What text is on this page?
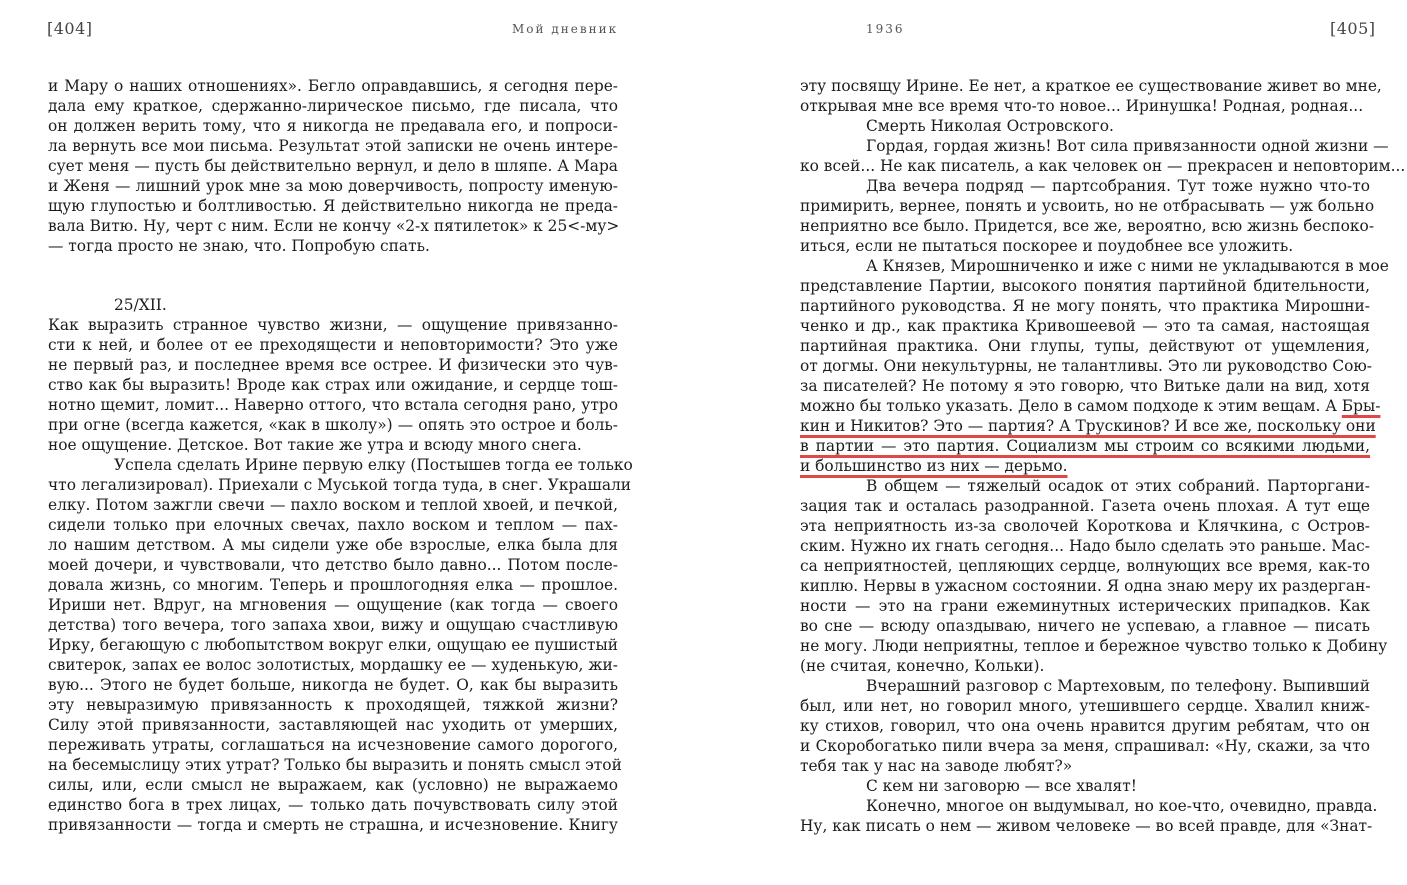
[404]	Мой дневник
и Мару о наших отношениях». Бегло оправдавшись, я сегодня пере-
дала ему краткое, сдержанно-лирическое письмо, где писала, что
он должен верить тому, что я никогда не предавала его, и попроси-
ла вернуть все мои письма. Результат этой записки не очень интере-
сует меня — пусть бы действительно вернул, и дело в шляпе. А Мара
и Женя — лишний урок мне за мою доверчивость, попросту именую-
щую глупостью и болтливостью. Я действительно никогда не преда-
вала Витю. Ну, черт с ним. Если не кончу «2-х пятилеток» к 25<-му>
— тогда просто не знаю, что. Попробую спать.
25/XII.
Как выразить странное чувство жизни, — ощущение привязанно-
сти к ней, и более от ее преходящести и неповторимости? Это уже
не первый раз, и последнее время все острее. И физически это чув-
ство как бы выразить! Вроде как страх или ожидание, и сердце тош-
нотно щемит, ломит... Наверно оттого, что встала сегодня рано, утро
при огне (всегда кажется, «как в школу») — опять это острое и боль-
ное ощущение. Детское. Вот такие же утра и всюду много снега.
Успела сделать Ирине первую елку (Постышев тогда ее только
что легализировал). Приехали с Муськой тогда туда, в снег. Украшали
елку. Потом зажгли свечи — пахло воском и теплой хвоей, и печкой,
сидели только при елочных свечах, пахло воском и теплом — пах-
ло нашим детством. А мы сидели уже обе взрослые, елка была для
моей дочери, и чувствовали, что детство было давно... Потом после-
довала жизнь, со многим. Теперь и прошлогодняя елка — прошлое.
Ириши нет. Вдруг, на мгновения — ощущение (как тогда — своего
детства) того вечера, того запаха хвои, вижу и ощущаю счастливую
Ирку, бегающую с любопытством вокруг елки, ощущаю ее пушистый
свитерок, запах ее волос золотистых, мордашку ее — худенькую, жи-
вую... Этого не будет больше, никогда не будет. О, как бы выразить
эту невыразимую привязанность к проходящей, тяжкой жизни?
Силу этой привязанности, заставляющей нас уходить от умерших,
переживать утраты, соглашаться на исчезновение самого дорогого,
на бесемыслицу этих утрат? Только бы выразить и понять смысл этой
силы, или, если смысл не выражаем, как (условно) не выражаемо
единство бога в трех лицах, — только дать почувствовать силу этой
привязанности — тогда и смерть не страшна, и исчезновение. Книгу
1936	[405]
эту посвящу Ирине. Ее нет, а краткое ее существование живет во мне,
открывая мне все время что-то новое... Иринушка! Родная, родная...
Смерть Николая Островского.
Гордая, гордая жизнь! Вот сила привязанности одной жизни —
ко всей... Не как писатель, а как человек он — прекрасен и неповторим...
Два вечера подряд — партсобрания. Тут тоже нужно что-то
примирить, вернее, понять и усвоить, но не отбрасывать — уж больно
неприятно все было. Придется, все же, вероятно, всю жизнь беспоко-
иться, если не пытаться поскорее и поудобнее все уложить.
А Князев, Мирошниченко и иже с ними не укладываются в мое
представление Партии, высокого понятия партийной бдительности,
партийного руководства. Я не могу понять, что практика Мирошни-
ченко и др., как практика Кривошеевой — это та самая, настоящая
партийная практика. Они глупы, тупы, действуют от ущемления,
от догмы. Они некультурны, не талантливы. Это ли руководство Сою-
за писателей? Не потому я это говорю, что Витьке дали на вид, хотя
можно бы только указать. Дело в самом подходе к этим вещам. А Бры-
кин и Никитов? Это — партия? А Трускинов? И все же, поскольку они
в партии — это партия. Социализм мы строим со всякими людьми,
и большинство из них — дерьмо.
В общем — тяжелый осадок от этих собраний. Парторгани-
зация так и осталась разодранной. Газета очень плохая. А тут еще
эта неприятность из-за сволочей Короткова и Клячкина, с Остров-
ским. Нужно их гнать сегодня... Надо было сделать это раньше. Мас-
са неприятностей, цепляющих сердце, волнующих все время, как-то
киплю. Нервы в ужасном состоянии. Я одна знаю меру их раздерган-
ности — это на грани ежеминутных истерических припадков. Как
во сне — всюду опаздываю, ничего не успеваю, а главное — писать
не могу. Люди неприятны, теплое и бережное чувство только к Добину
(не считая, конечно, Кольки).
Вчерашний разговор с Мартеховым, по телефону. Выпивший
был, или нет, но говорил много, утешившего сердце. Хвалил книж-
ку стихов, говорил, что она очень нравится другим ребятам, что он
и Скоробогатько пили вчера за меня, спрашивал: «Ну, скажи, за что
тебя так у нас на заводе любят?»
С кем ни заговорю — все хвалят!
Конечно, многое он выдумывал, но кое-что, очевидно, правда.
Ну, как писать о нем — живом человеке — во всей правде, для «Знат-
